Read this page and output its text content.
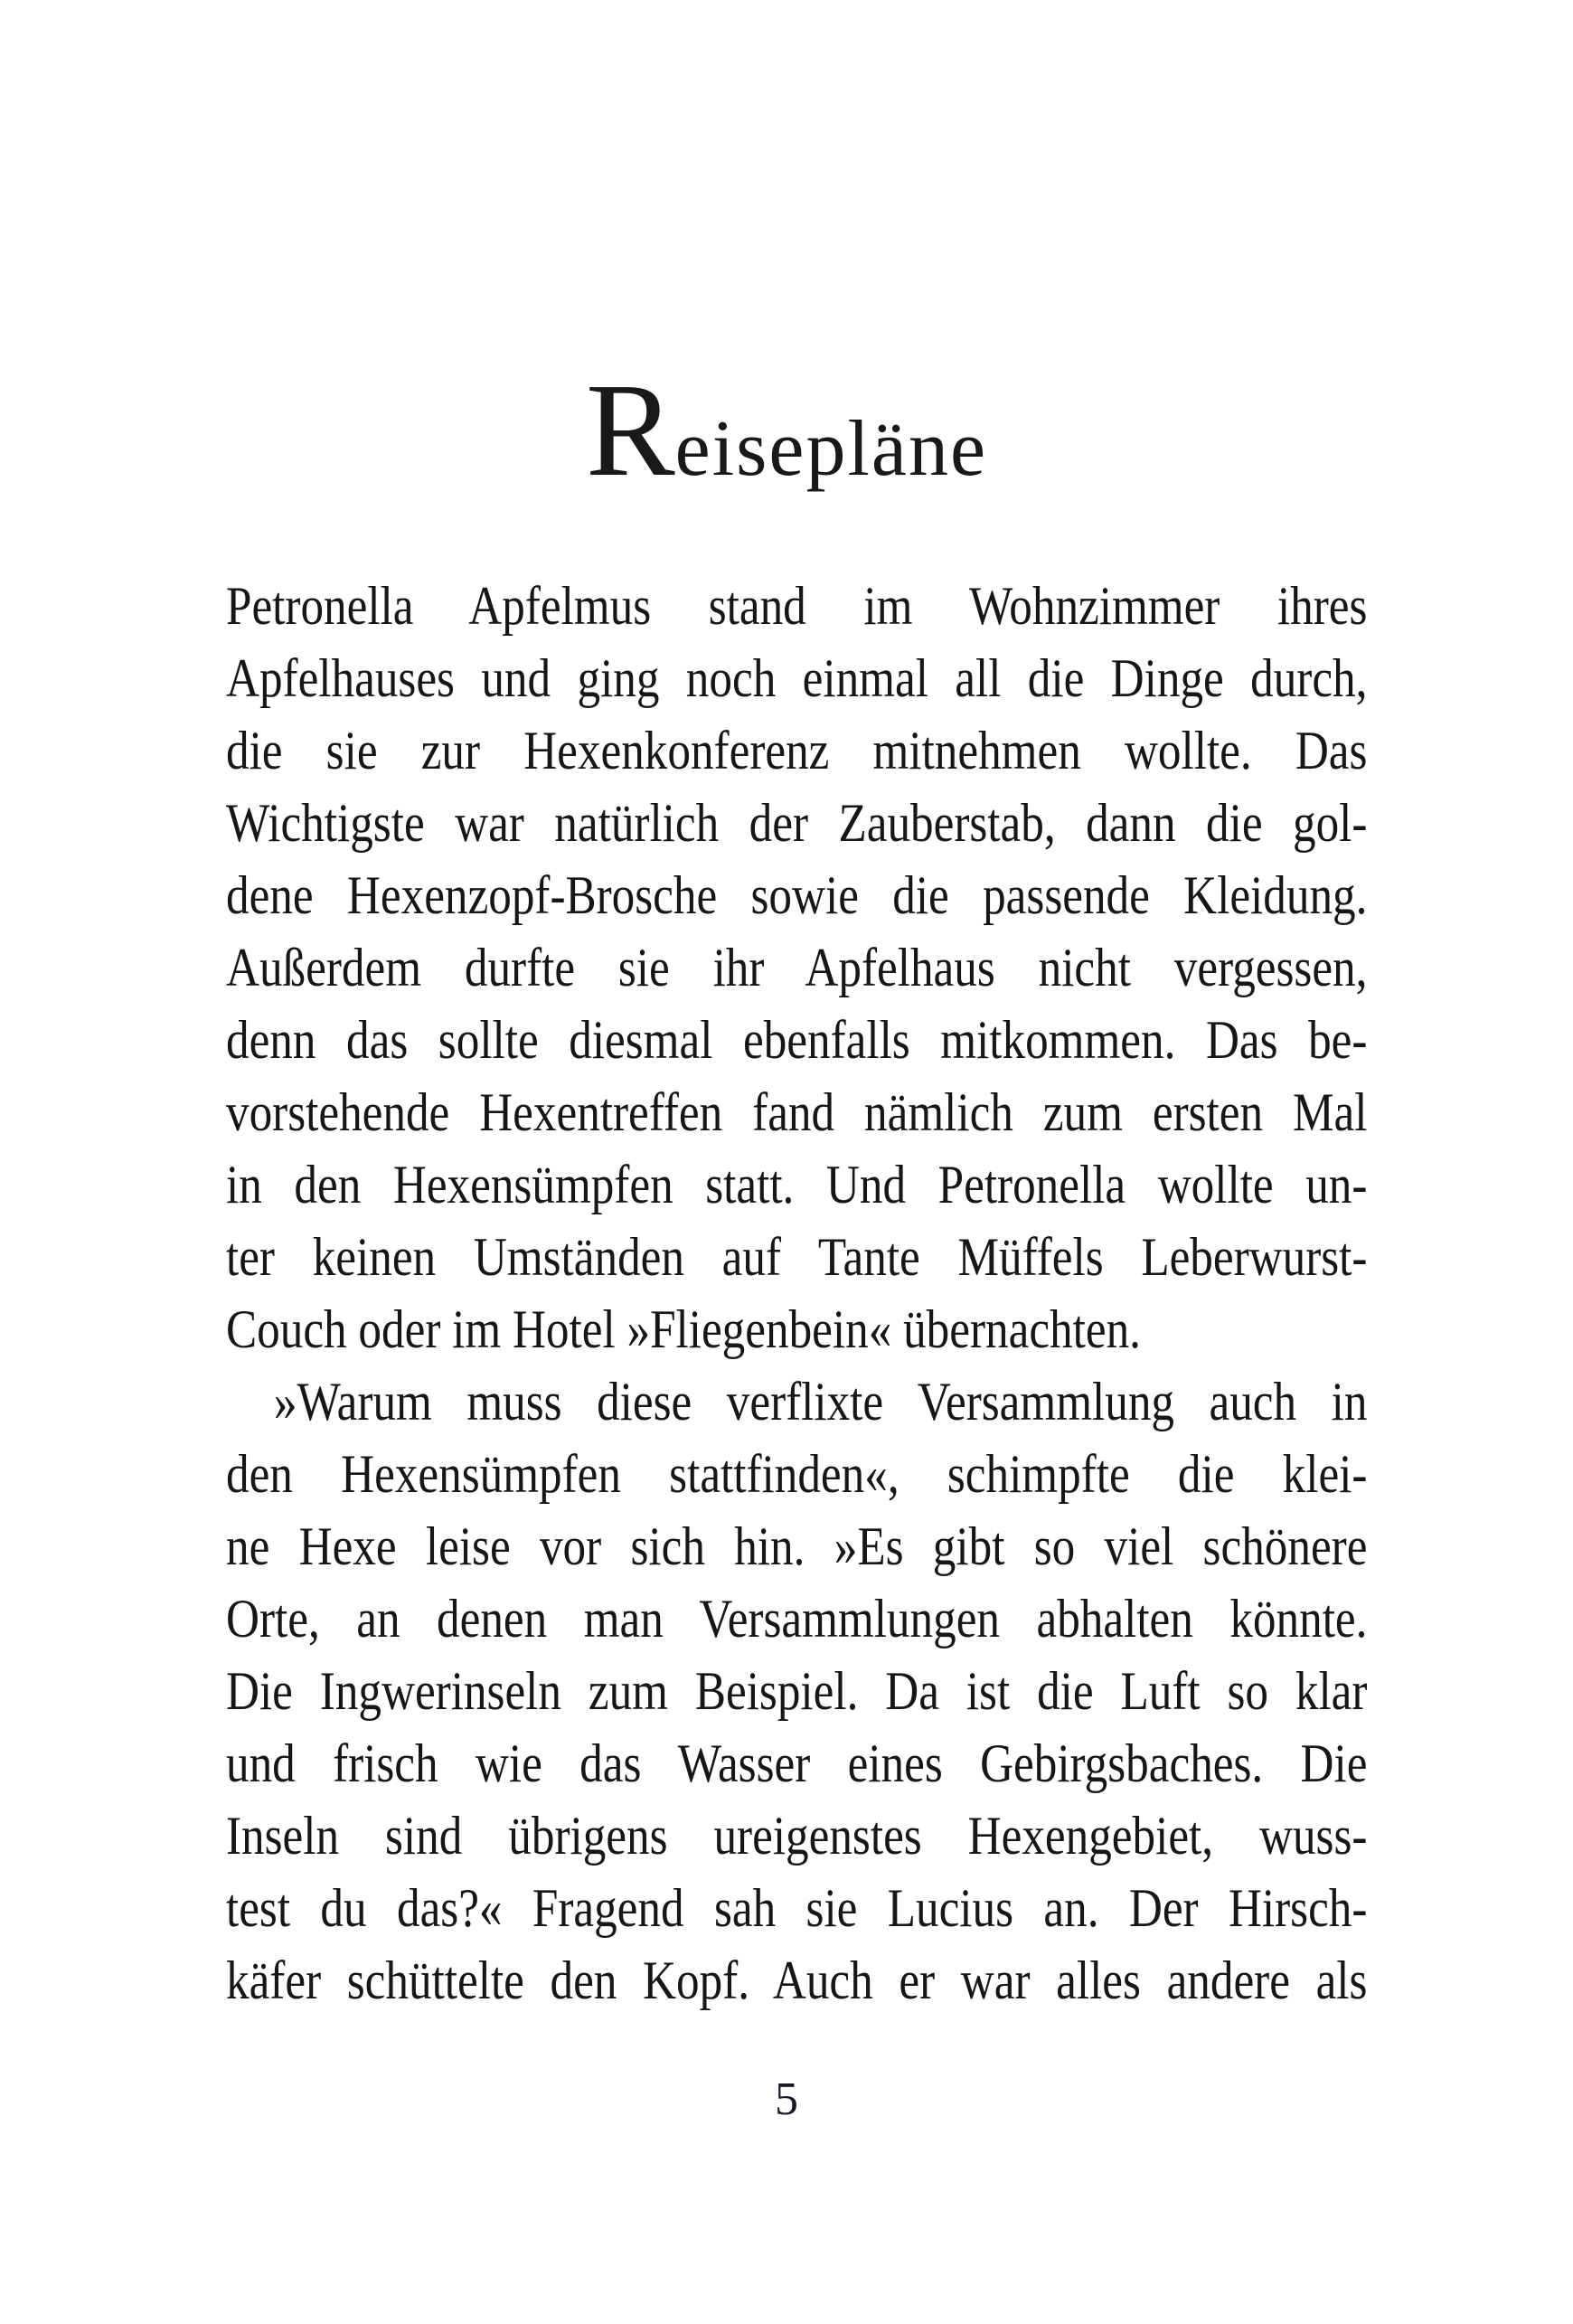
Reisepläne
Petronella Apfelmus stand im Wohnzimmer ihres
Apfelhauses und ging noch einmal all die Dinge durch,
die sie zur Hexenkonferenz mitnehmen wollte. Das
Wichtigste war natürlich der Zauberstab, dann die gol-
dene Hexenzopf-Brosche sowie die passende Kleidung.
Außerdem durfte sie ihr Apfelhaus nicht vergessen,
denn das sollte diesmal ebenfalls mitkommen. Das be-
vorstehende Hexentreffen fand nämlich zum ersten Mal
in den Hexensümpfen statt. Und Petronella wollte un-
ter keinen Umständen auf Tante Müffels Leberwurst-
Couch oder im Hotel »Fliegenbein« übernachten.
»Warum muss diese verflixte Versammlung auch in
den Hexensümpfen stattfinden«, schimpfte die klei-
ne Hexe leise vor sich hin. »Es gibt so viel schönere
Orte, an denen man Versammlungen abhalten könnte.
Die Ingwerinseln zum Beispiel. Da ist die Luft so klar
und frisch wie das Wasser eines Gebirgsbaches. Die
Inseln sind übrigens ureigenstes Hexengebiet, wuss-
test du das?« Fragend sah sie Lucius an. Der Hirsch-
käfer schüttelte den Kopf. Auch er war alles andere als
5
